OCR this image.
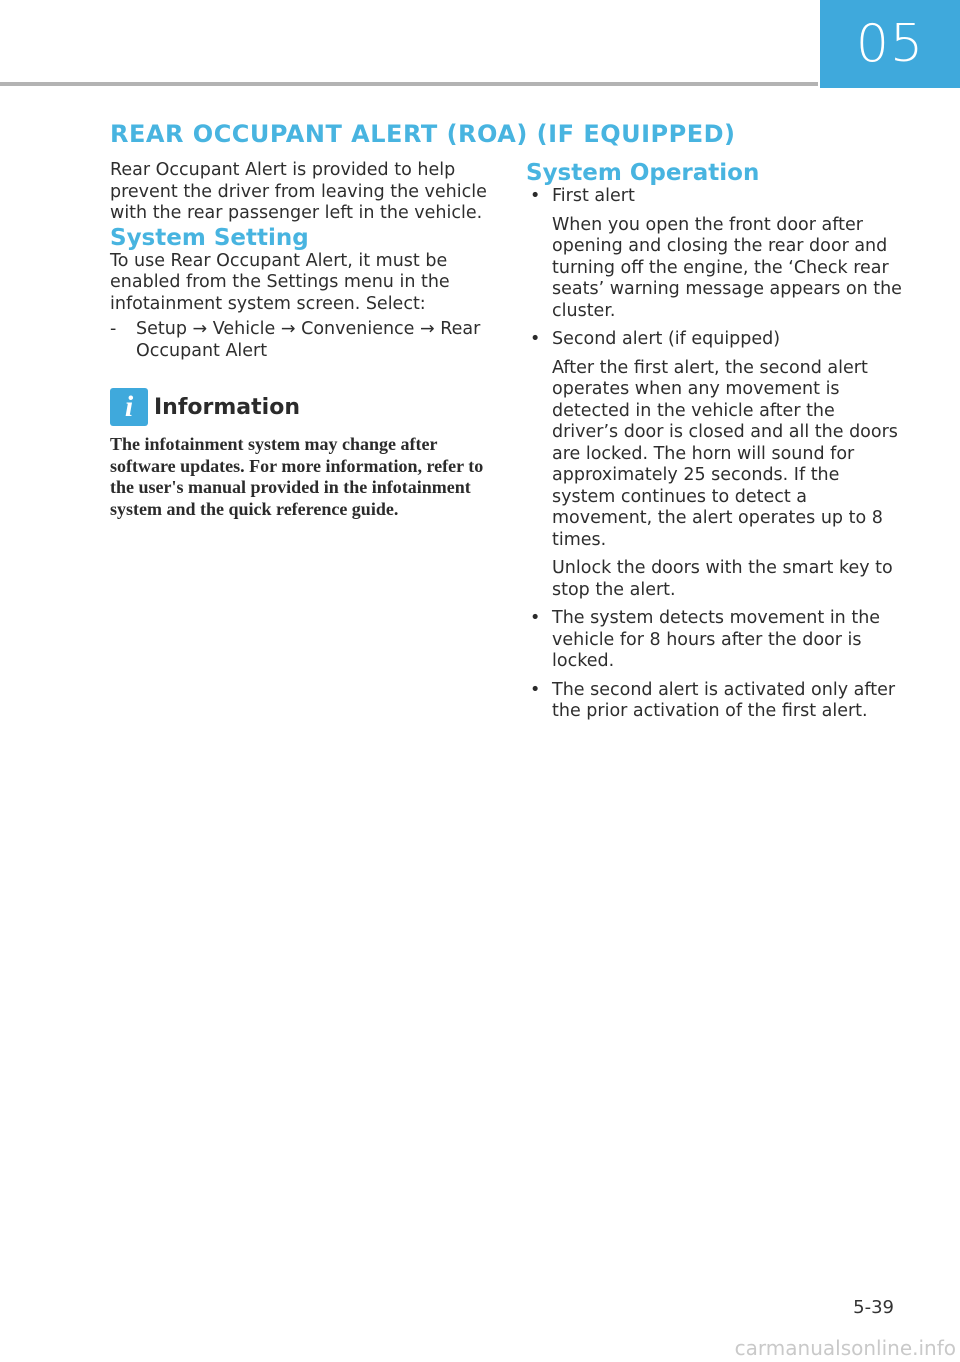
05
REAR OCCUPANT ALERT (ROA) (IF EQUIPPED)

Rear Occupant Alert is provided to help prevent the driver from leaving the vehicle with the rear passenger left in the vehicle.

System Setting

To use Rear Occupant Alert, it must be enabled from the Settings menu in the infotainment system screen. Select:

-	Setup → Vehicle → Convenience → Rear Occupant Alert

i Information

The infotainment system may change after software updates. For more information, refer to the user's manual provided in the infotainment system and the quick reference guide.

System Operation
• First alert

When you open the front door after opening and closing the rear door and turning off the engine, the ‘Check rear seats’ warning message appears on the cluster.

• Second alert (if equipped)

After the first alert, the second alert operates when any movement is detected in the vehicle after the driver’s door is closed and all the doors are locked. The horn will sound for approximately 25 seconds. If the system continues to detect a movement, the alert operates up to 8 times.

Unlock the doors with the smart key to stop the alert.

• The system detects movement in the vehicle for 8 hours after the door is locked.

• The second alert is activated only after the prior activation of the first alert.

5-39
carmanualsonline.info
